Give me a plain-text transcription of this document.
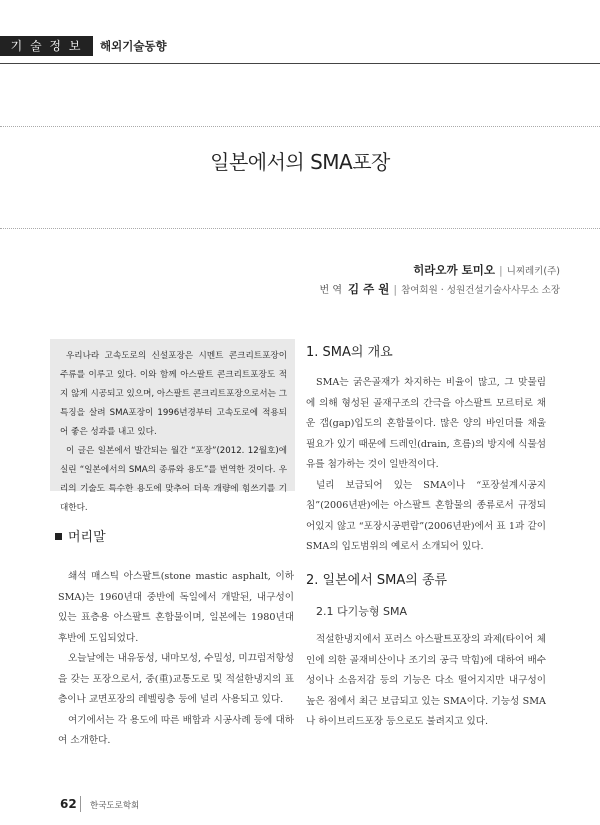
기 술 정 보	해외기술동향
일본에서의 SMA포장
히라오까 토미오 | 니찌레키(주)
번 역 김 주 원 | 참여회원 · 성원건설기술사사무소 소장

우리나라 고속도로의 신설포장은 시멘트 콘크리트포장이 주류를 이루고 있다. 이와 함께 아스팔트 콘크리트포장도 적지 않게 시공되고 있으며, 아스팔트 콘크리트포장으로서는 그 특징을 살려 SMA포장이 1996년경부터 고속도로에 적용되어 좋은 성과를 내고 있다.

이 글은 일본에서 발간되는 월간 “포장”(2012. 12월호)에 실린 “일본에서의 SMA의 종류와 용도”를 번역한 것이다. 우리의 기술도 특수한 용도에 맞추어 더욱 개량에 힘쓰기를 기대한다.

머리말

쇄석 매스틱 아스팔트(stone mastic asphalt, 이하 SMA)는 1960년대 중반에 독일에서 개발된, 내구성이 있는 표층용 아스팔트 혼합물이며, 일본에는 1980년대 후반에 도입되었다.

오늘날에는 내유동성, 내마모성, 수밀성, 미끄럼저항성을 갖는 포장으로서, 중(重)교통도로 및 적설한냉지의 표층이나 교면포장의 레벨링층 등에 널리 사용되고 있다.

여기에서는 각 용도에 따른 배합과 시공사례 등에 대하여 소개한다.

1. SMA의 개요

SMA는 굵은골재가 차지하는 비율이 많고, 그 맞물림에 의해 형성된 골재구조의 간극을 아스팔트 모르터로 채운 갭(gap)입도의 혼합물이다. 많은 양의 바인더를 채울 필요가 있기 때문에 드레인(drain, 흐름)의 방지에 식물섬유를 첨가하는 것이 일반적이다.

널리 보급되어 있는 SMA이나 “포장설계시공지침”(2006년판)에는 아스팔트 혼합물의 종류로서 규정되어있지 않고 “포장시공편람”(2006년판)에서 표 1과 같이 SMA의 입도범위의 예로서 소개되어 있다.

2. 일본에서 SMA의 종류
2.1 다기능형 SMA

적설한냉지에서 포러스 아스팔트포장의 과제(타이어 체인에 의한 골재비산이나 조기의 공극 막힘)에 대하여 배수성이나 소음저감 등의 기능은 다소 떨어지지만 내구성이 높은 점에서 최근 보급되고 있는 SMA이다. 기능성 SMA나 하이브리드포장 등으로도 불려지고 있다.

62 한국도로학회
